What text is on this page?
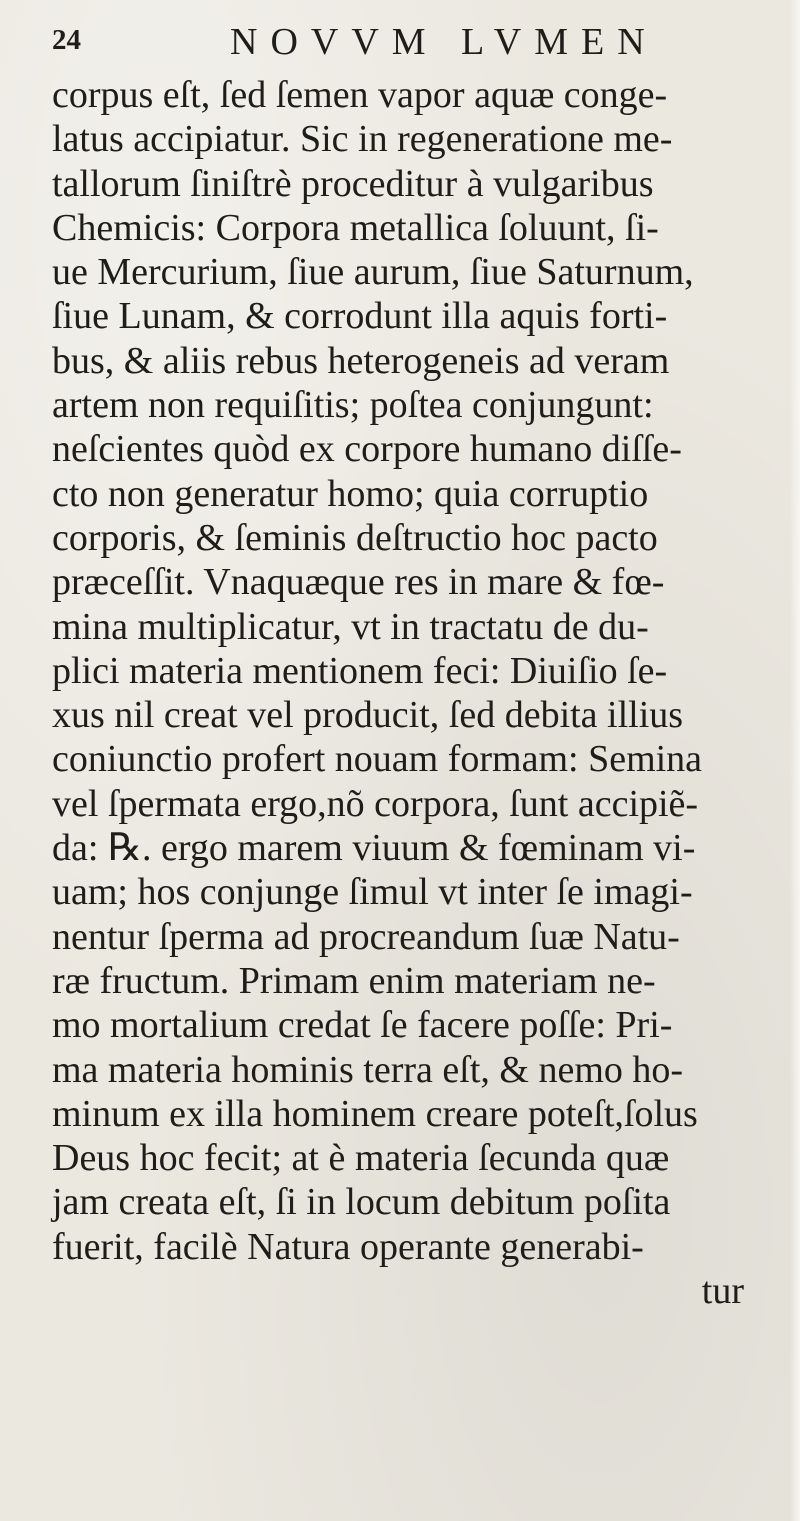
24	NOVVM LVMEN
corpus eſt, ſed ſemen vapor aquæ conge-
latus accipiatur. Sic in regeneratione me-
tallorum ſiniſtrè proceditur à vulgaribus
Chemicis: Corpora metallica ſoluunt, ſi-
ue Mercurium, ſiue aurum, ſiue Saturnum,
ſiue Lunam, & corrodunt illa aquis forti-
bus, & aliis rebus heterogeneis ad veram
artem non requiſitis; poſtea conjungunt:
neſcientes quòd ex corpore humano diſſe-
cto non generatur homo; quia corruptio
corporis, & ſeminis deſtructio hoc pacto
præceſſit. Vnaquæque res in mare & fœ-
mina multiplicatur, vt in tractatu de du-
plici materia mentionem feci: Diuiſio ſe-
xus nil creat vel producit, ſed debita illius
coniunctio profert nouam formam: Semina
vel ſpermata ergo,nõ corpora, ſunt accipiẽ-
da: ℞. ergo marem viuum & fœminam vi-
uam; hos conjunge ſimul vt inter ſe imagi-
nentur ſperma ad procreandum ſuæ Natu-
ræ fructum. Primam enim materiam ne-
mo mortalium credat ſe facere poſſe: Pri-
ma materia hominis terra eſt, & nemo ho-
minum ex illa hominem creare poteſt,ſolus
Deus hoc fecit; at è materia ſecunda quæ
jam creata eſt, ſi in locum debitum poſita
fuerit, facilè Natura operante generabi-
tur
